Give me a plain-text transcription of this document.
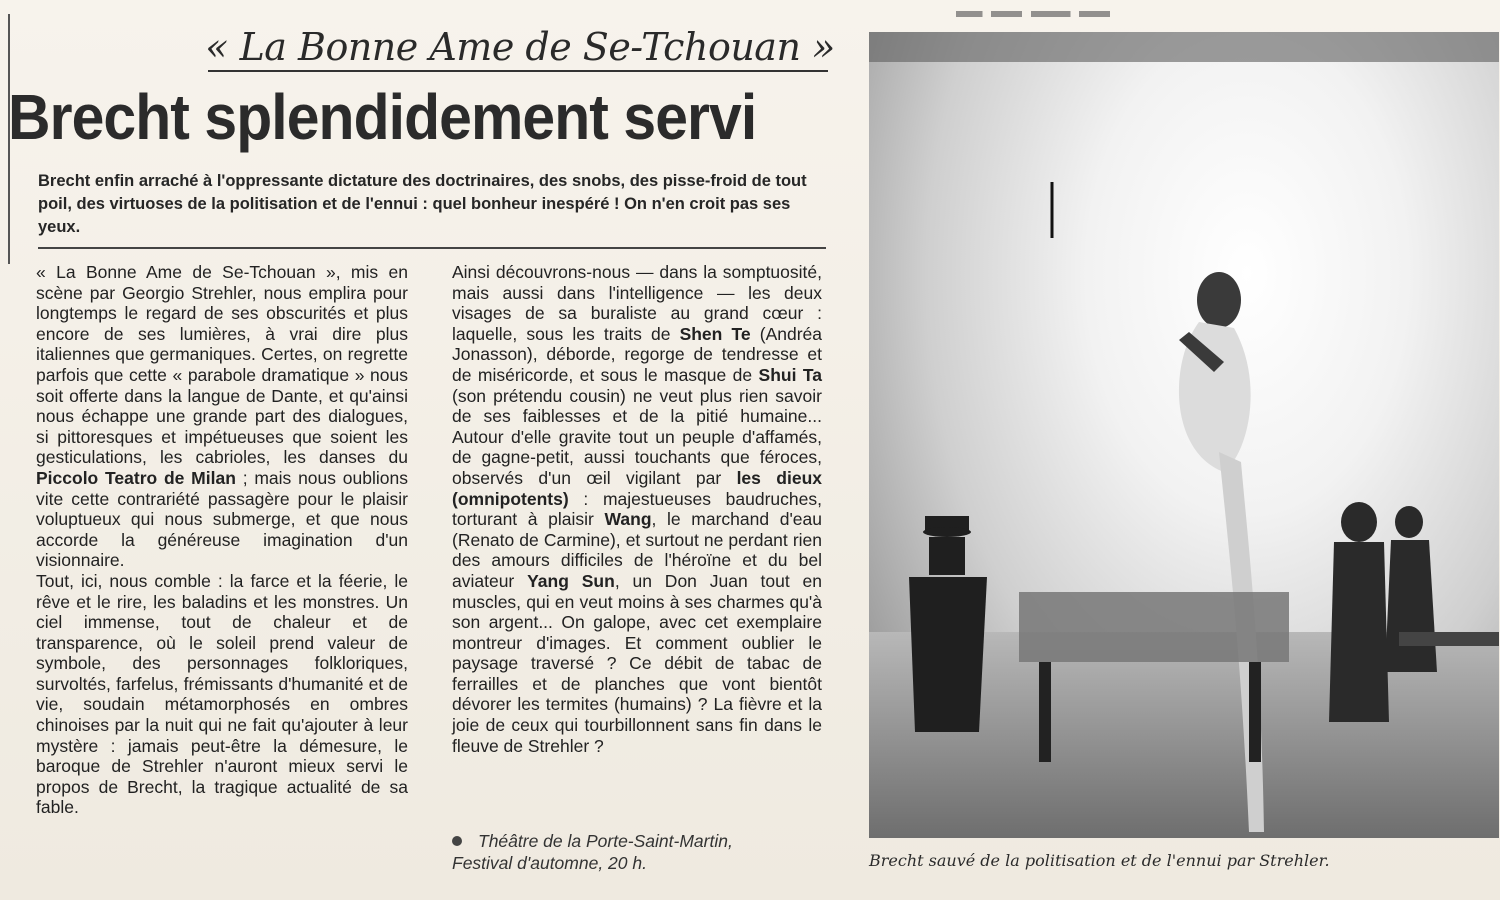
« La Bonne Ame de Se-Tchouan »
Brecht splendidement servi
Brecht enfin arraché à l'oppressante dictature des doctrinaires, des snobs, des pisse-froid de tout poil, des virtuoses de la politisation et de l'ennui : quel bonheur inespéré ! On n'en croit pas ses yeux.

« La Bonne Ame de Se-Tchouan », mis en scène par Georgio Strehler, nous emplira pour longtemps le regard de ses obscurités et plus encore de ses lumières, à vrai dire plus italiennes que germaniques. Certes, on regrette parfois que cette « parabole dramatique » nous soit offerte dans la langue de Dante, et qu'ainsi nous échappe une grande part des dialogues, si pittoresques et impétueuses que soient les gesticulations, les cabrioles, les danses du Piccolo Teatro de Milan ; mais nous oublions vite cette contrariété passagère pour le plaisir voluptueux qui nous submerge, et que nous accorde la généreuse imagination d'un visionnaire.

Tout, ici, nous comble : la farce et la féerie, le rêve et le rire, les baladins et les monstres. Un ciel immense, tout de chaleur et de transparence, où le soleil prend valeur de symbole, des personnages folkloriques, survoltés, farfelus, frémissants d'humanité et de vie, soudain métamorphosés en ombres chinoises par la nuit qui ne fait qu'ajouter à leur mystère : jamais peut-être la démesure, le baroque de Strehler n'auront mieux servi le propos de Brecht, la tragique actualité de sa fable.

Ainsi découvrons-nous — dans la somptuosité, mais aussi dans l'intelligence — les deux visages de sa buraliste au grand cœur : laquelle, sous les traits de Shen Te (Andréa Jonasson), déborde, regorge de tendresse et de miséricorde, et sous le masque de Shui Ta (son prétendu cousin) ne veut plus rien savoir de ses faiblesses et de la pitié humaine... Autour d'elle gravite tout un peuple d'affamés, de gagne-petit, aussi touchants que féroces, observés d'un œil vigilant par les dieux (omnipotents) : majestueuses baudruches, torturant à plaisir Wang, le marchand d'eau (Renato de Carmine), et surtout ne perdant rien des amours difficiles de l'héroïne et du bel aviateur Yang Sun, un Don Juan tout en muscles, qui en veut moins à ses charmes qu'à son argent... On galope, avec cet exemplaire montreur d'images. Et comment oublier le paysage traversé ? Ce débit de tabac de ferrailles et de planches que vont bientôt dévorer les termites (humains) ? La fièvre et la joie de ceux qui tourbillonnent sans fin dans le fleuve de Strehler ?

Théâtre de la Porte-Saint-Martin,
Festival d'automne, 20 h.	Brecht sauvé de la politisation et de l'ennui par Strehler.
